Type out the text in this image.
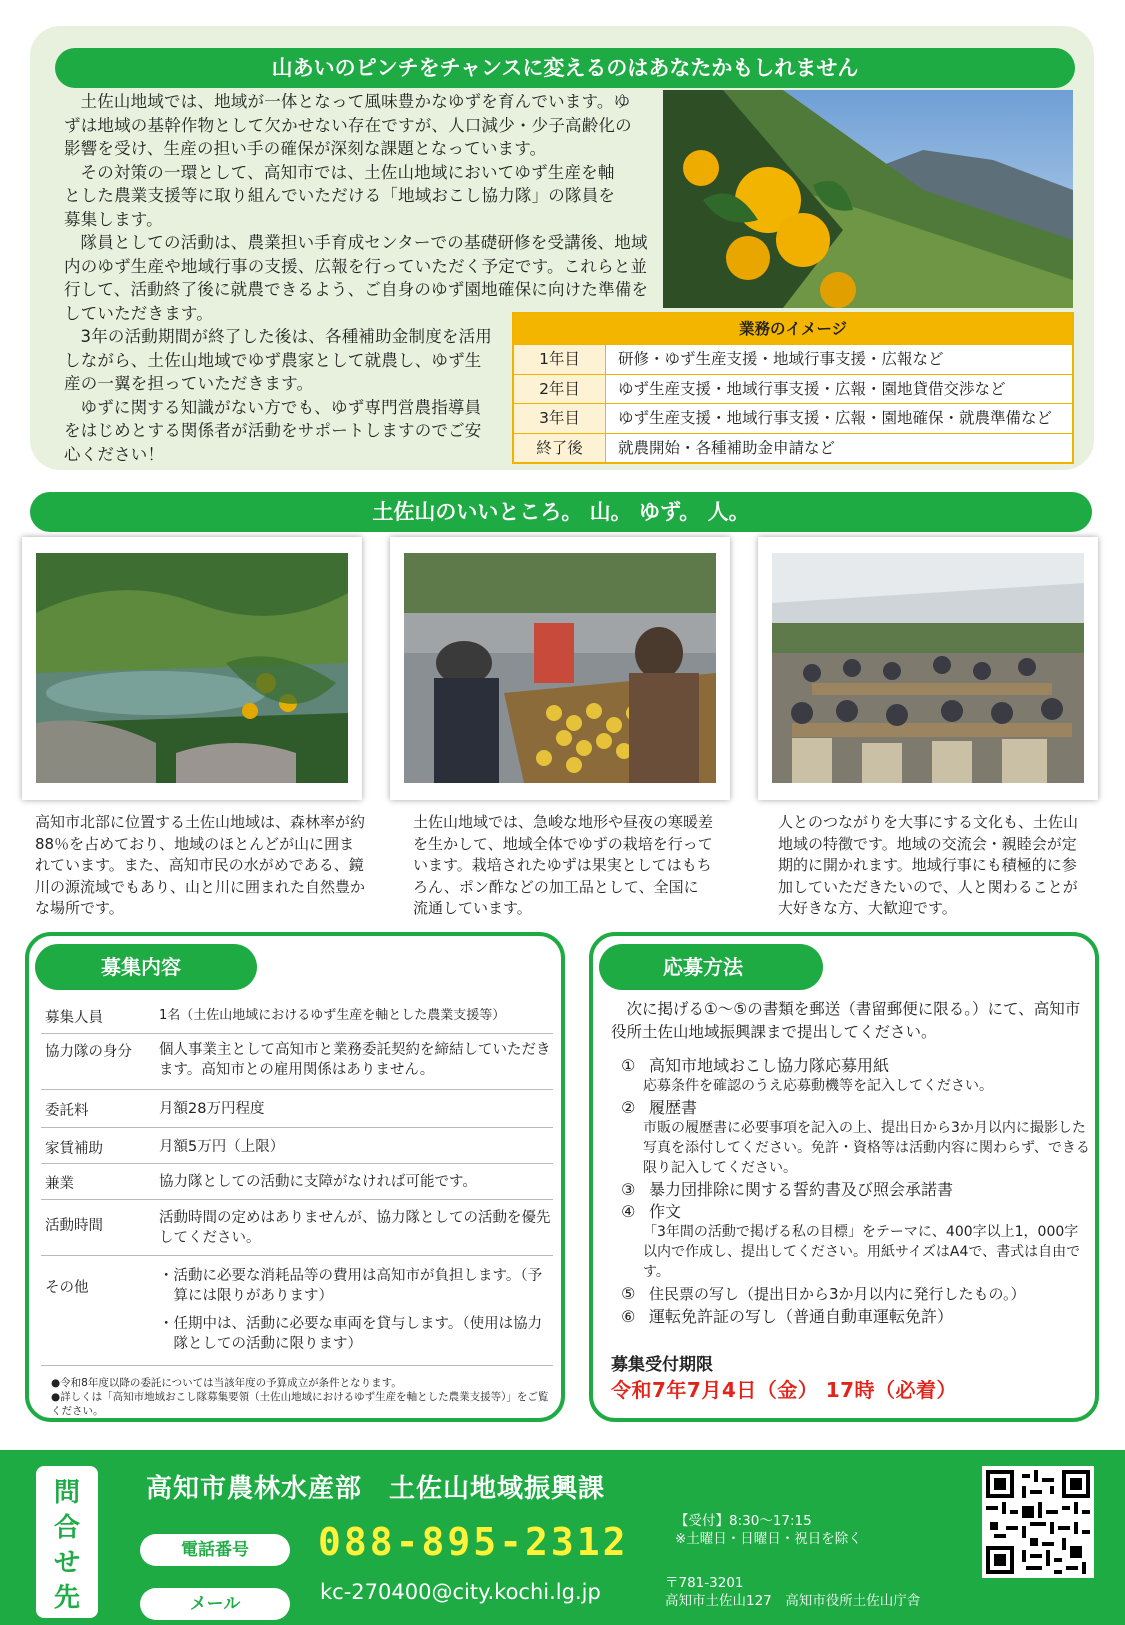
山あいのピンチをチャンスに変えるのはあなたかもしれません

土佐山地域では、地域が一体となって風味豊かなゆずを育んでいます。ゆずは地域の基幹作物として欠かせない存在ですが、人口減少・少子高齢化の影響を受け、生産の担い手の確保が深刻な課題となっています。

その対策の一環として、高知市では、土佐山地域においてゆず生産を軸とした農業支援等に取り組んでいただける「地域おこし協力隊」の隊員を募集します。

隊員としての活動は、農業担い手育成センターでの基礎研修を受講後、地域内のゆず生産や地域行事の支援、広報を行っていただく予定です。これらと並行して、活動終了後に就農できるよう、ご自身のゆず園地確保に向けた準備をしていただきます。

3年の活動期間が終了した後は、各種補助金制度を活用しながら、土佐山地域でゆず農家として就農し、ゆず生産の一翼を担っていただきます。

ゆずに関する知識がない方でも、ゆず専門営農指導員をはじめとする関係者が活動をサポートしますのでご安心ください！

業務のイメージ
1年目	研修・ゆず生産支援・地域行事支援・広報など
2年目	ゆず生産支援・地域行事支援・広報・園地貸借交渉など
3年目	ゆず生産支援・地域行事支援・広報・園地確保・就農準備など
終了後	就農開始・各種補助金申請など
土佐山のいいところ。 山。 ゆず。 人。

高知市北部に位置する土佐山地域は、森林率が約88％を占めており、地域のほとんどが山に囲まれています。また、高知市民の水がめである、鏡川の源流域でもあり、山と川に囲まれた自然豊かな場所です。

土佐山地域では、急峻な地形や昼夜の寒暖差を生かして、地域全体でゆずの栽培を行っています。栽培されたゆずは果実としてはもちろん、ポン酢などの加工品として、全国に流通しています。

人とのつながりを大事にする文化も、土佐山地域の特徴です。地域の交流会・親睦会が定期的に開かれます。地域行事にも積極的に参加していただきたいので、人と関わることが大好きな方、大歓迎です。

募集内容
募集人員	1名（土佐山地域におけるゆず生産を軸とした農業支援等）
協力隊の身分	個人事業主として高知市と業務委託契約を締結していただきます。高知市との雇用関係はありません。
委託料	月額28万円程度
家賃補助	月額5万円（上限）
兼業	協力隊としての活動に支障がなければ可能です。
活動時間	活動時間の定めはありませんが、協力隊としての活動を優先してください。
その他
・活動に必要な消耗品等の費用は高知市が負担します。（予算には限りがあります）
・任期中は、活動に必要な車両を貸与します。（使用は協力隊としての活動に限ります）
●令和8年度以降の委託については当該年度の予算成立が条件となります。
●詳しくは「高知市地域おこし隊募集要領（土佐山地域におけるゆず生産を軸とした農業支援等）」をご覧ください。
応募方法

次に掲げる①～⑤の書類を郵送（書留郵便に限る。）にて、高知市役所土佐山地域振興課まで提出してください。

① 高知市地域おこし協力隊応募用紙
応募条件を確認のうえ応募動機等を記入してください。
② 履歴書
市販の履歴書に必要事項を記入の上、提出日から3か月以内に撮影した写真を添付してください。免許・資格等は活動内容に関わらず、できる限り記入してください。
③ 暴力団排除に関する誓約書及び照会承諾書
④ 作文
「3年間の活動で掲げる私の目標」をテーマに、400字以上1，000字以内で作成し、提出してください。用紙サイズはA4で、書式は自由です。
⑤ 住民票の写し（提出日から3か月以内に発行したもの。）
⑥ 運転免許証の写し（普通自動車運転免許）
募集受付期限
令和7年7月4日（金） 17時（必着）
問合せ先
高知市農林水産部　土佐山地域振興課
電話番号	088-895-2312
メール	kc-270400@city.kochi.lg.jp
【受付】8:30～17:15
※土曜日・日曜日・祝日を除く
〒781-3201
高知市土佐山127　高知市役所土佐山庁舎
